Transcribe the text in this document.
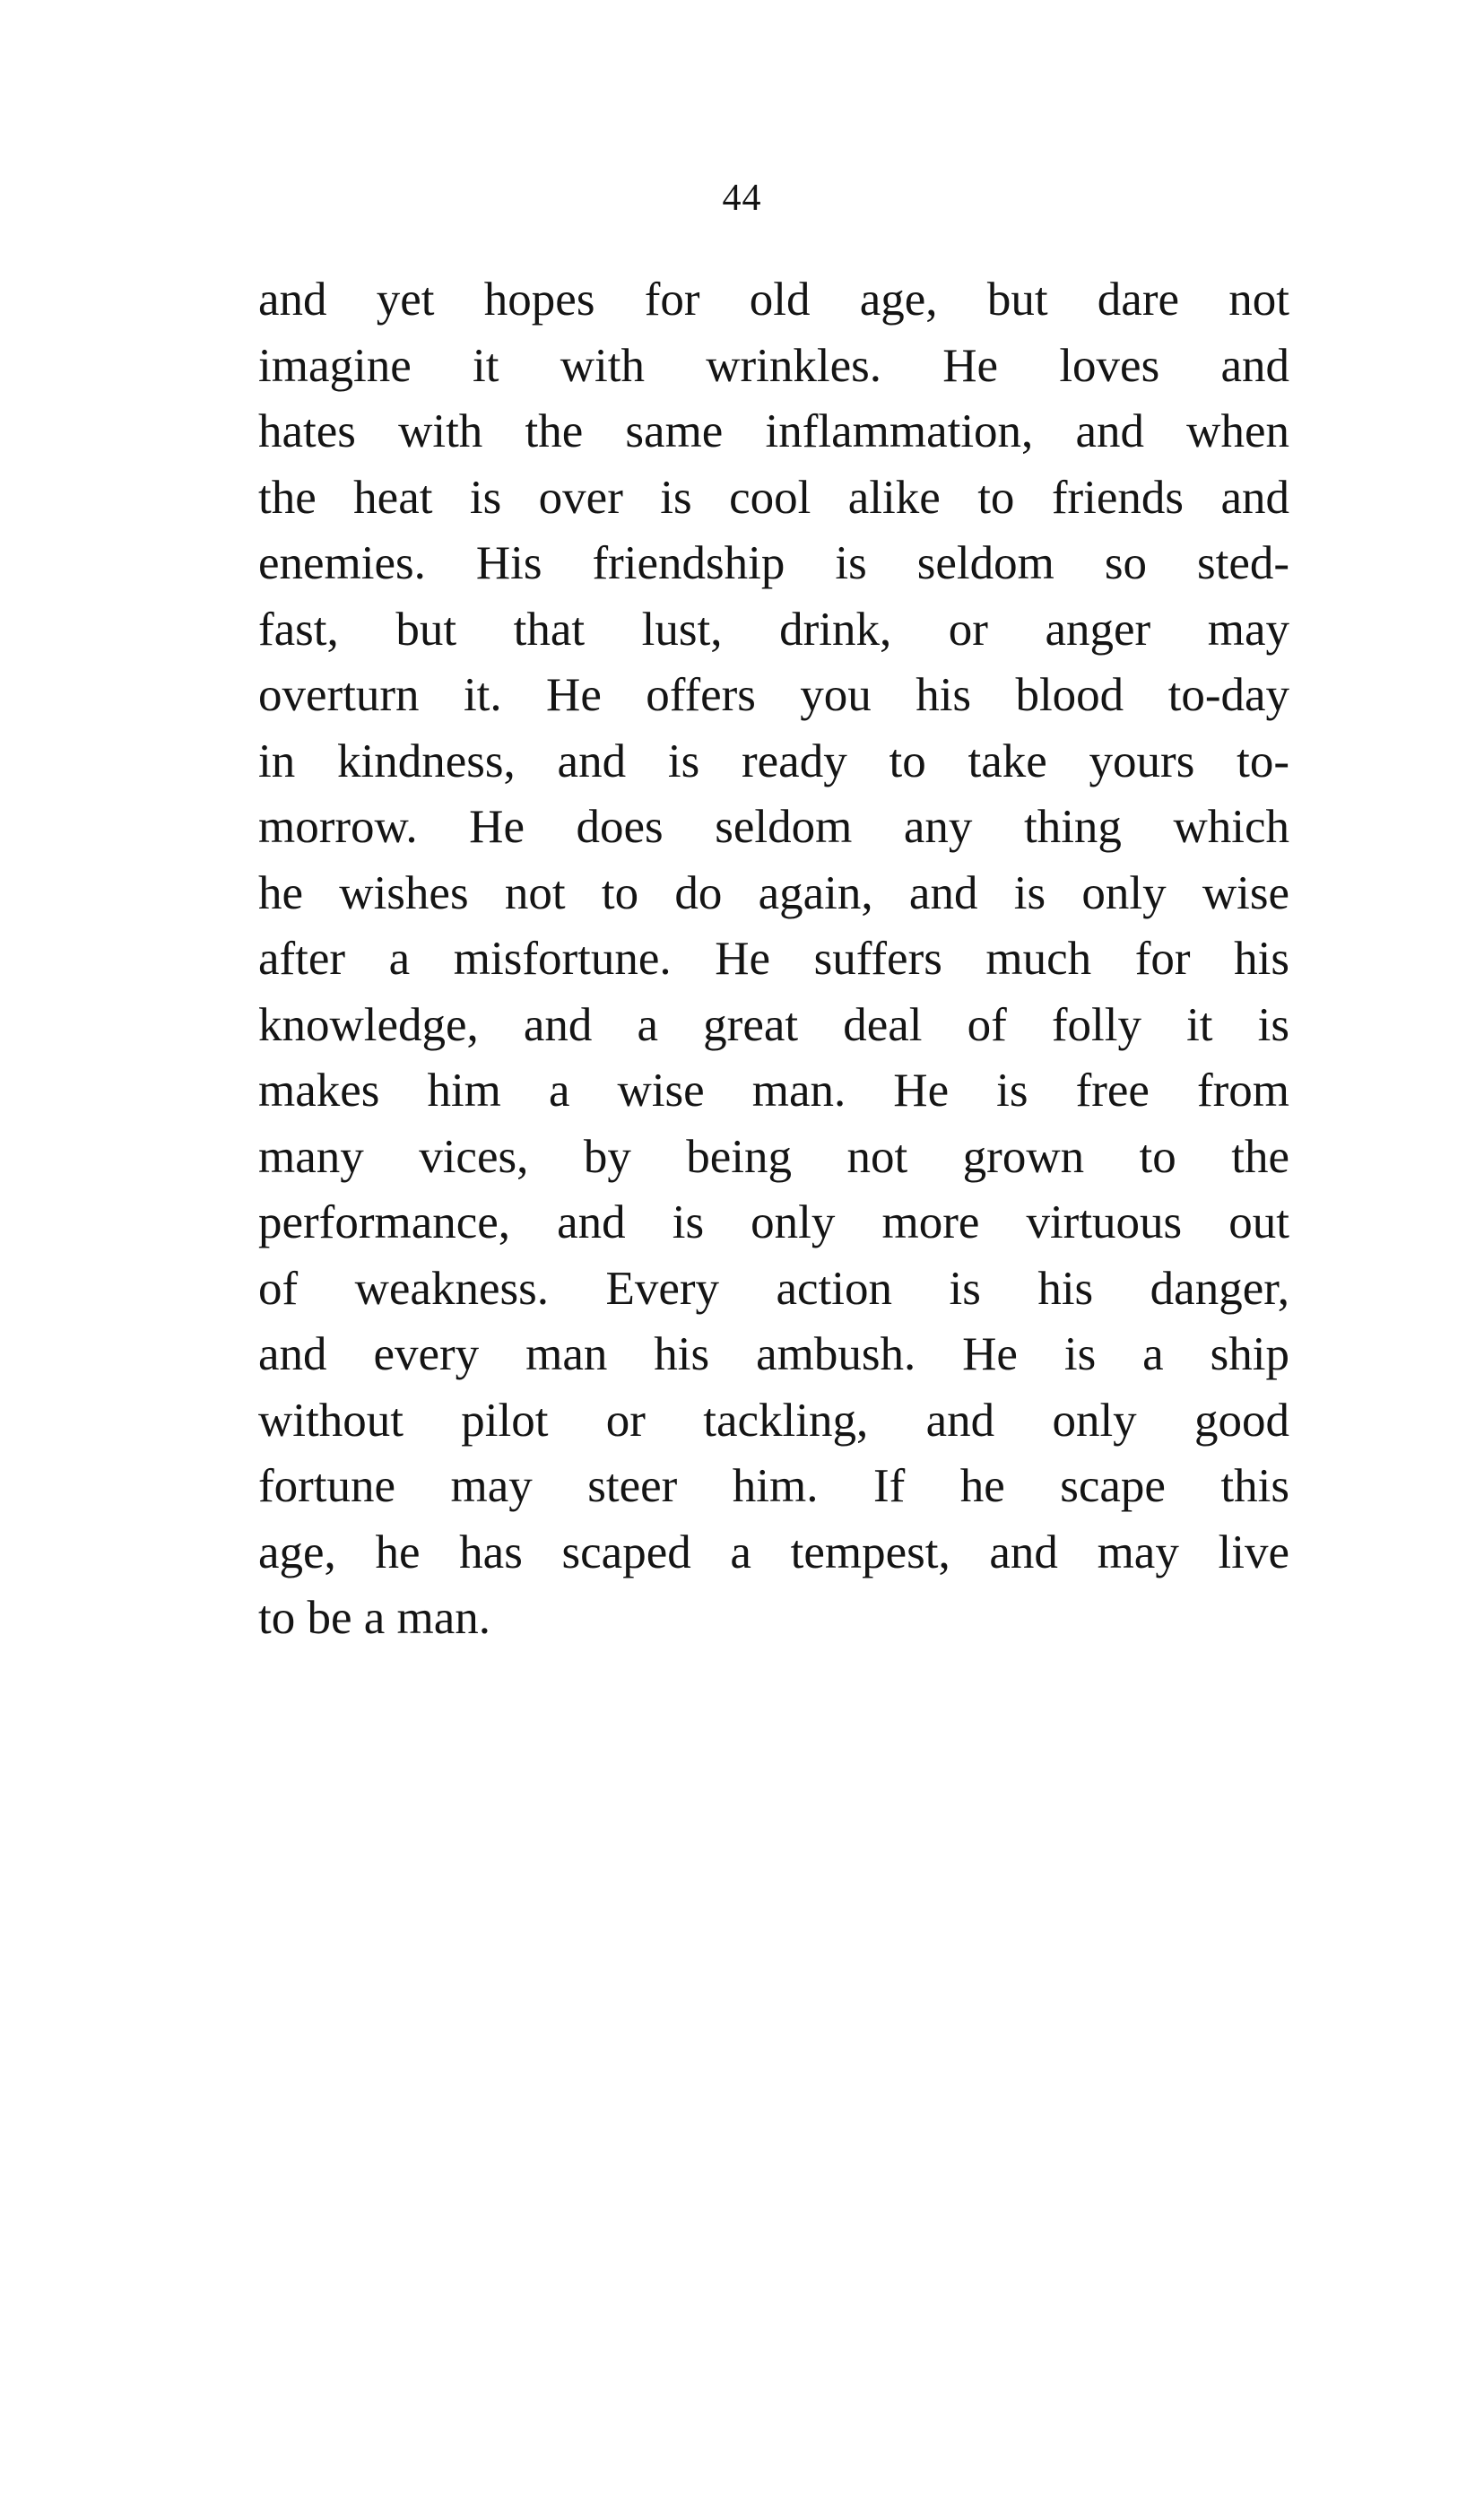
44
and yet hopes for old age, but dare not
imagine it with wrinkles. He loves and
hates with the same inflammation, and when
the heat is over is cool alike to friends and
enemies. His friendship is seldom so sted-
fast, but that lust, drink, or anger may
overturn it. He offers you his blood to-day
in kindness, and is ready to take yours to-
morrow. He does seldom any thing which
he wishes not to do again, and is only wise
after a misfortune. He suffers much for his
knowledge, and a great deal of folly it is
makes him a wise man. He is free from
many vices, by being not grown to the
performance, and is only more virtuous out
of weakness. Every action is his danger,
and every man his ambush. He is a ship
without pilot or tackling, and only good
fortune may steer him. If he scape this
age, he has scaped a tempest, and may live
to be a man.
